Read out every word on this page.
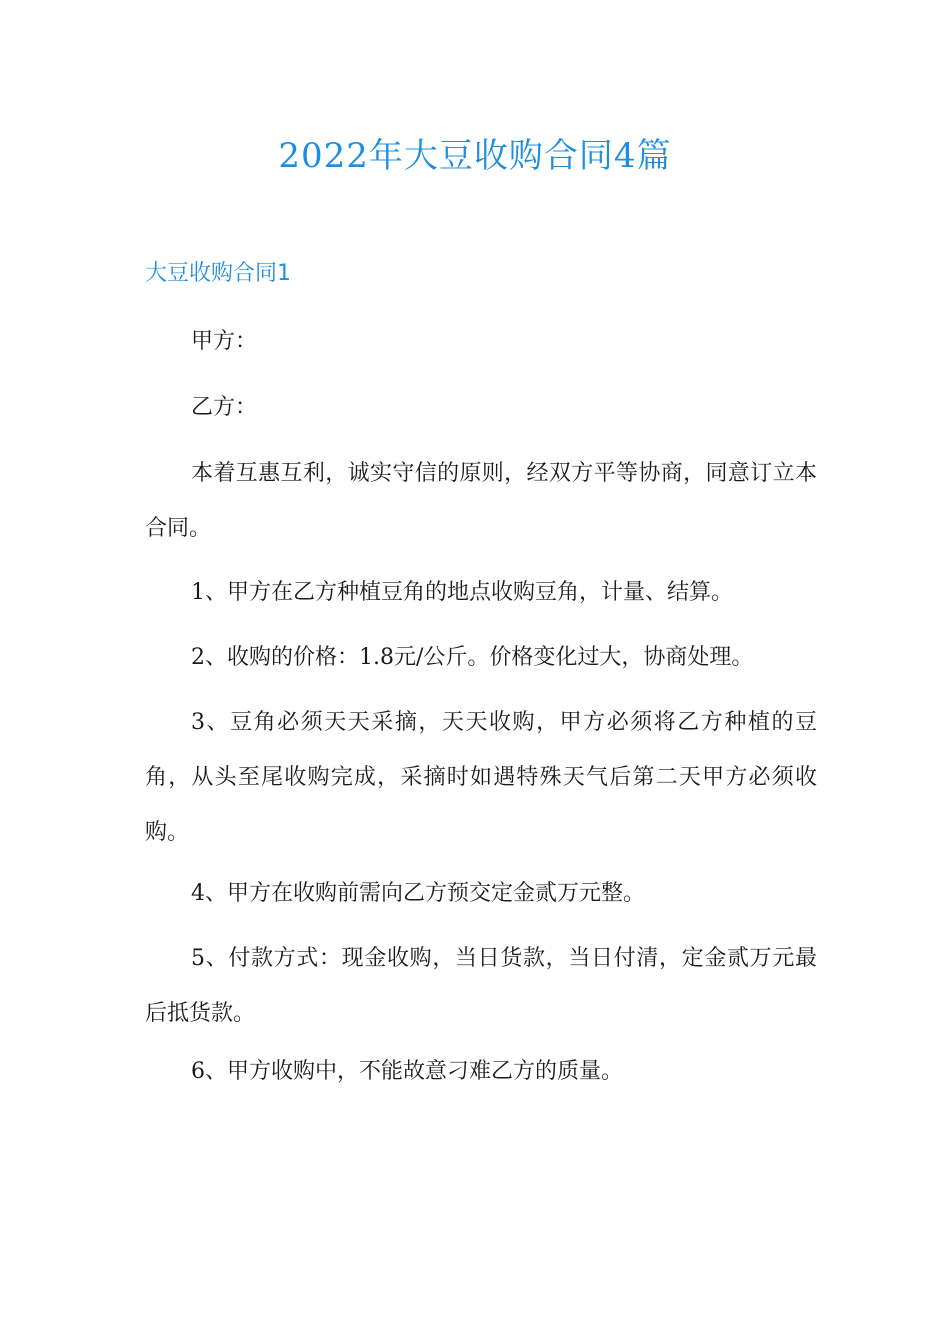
2022年大豆收购合同4篇
大豆收购合同1

甲方：

乙方：

本着互惠互利，诚实守信的原则，经双方平等协商，同意订立本合同。

1、甲方在乙方种植豆角的地点收购豆角，计量、结算。

2、收购的价格：1.8元/公斤。价格变化过大，协商处理。

3、豆角必须天天采摘，天天收购，甲方必须将乙方种植的豆角，从头至尾收购完成，采摘时如遇特殊天气后第二天甲方必须收购。

4、甲方在收购前需向乙方预交定金贰万元整。

5、付款方式：现金收购，当日货款，当日付清，定金贰万元最后抵货款。

6、甲方收购中，不能故意刁难乙方的质量。
